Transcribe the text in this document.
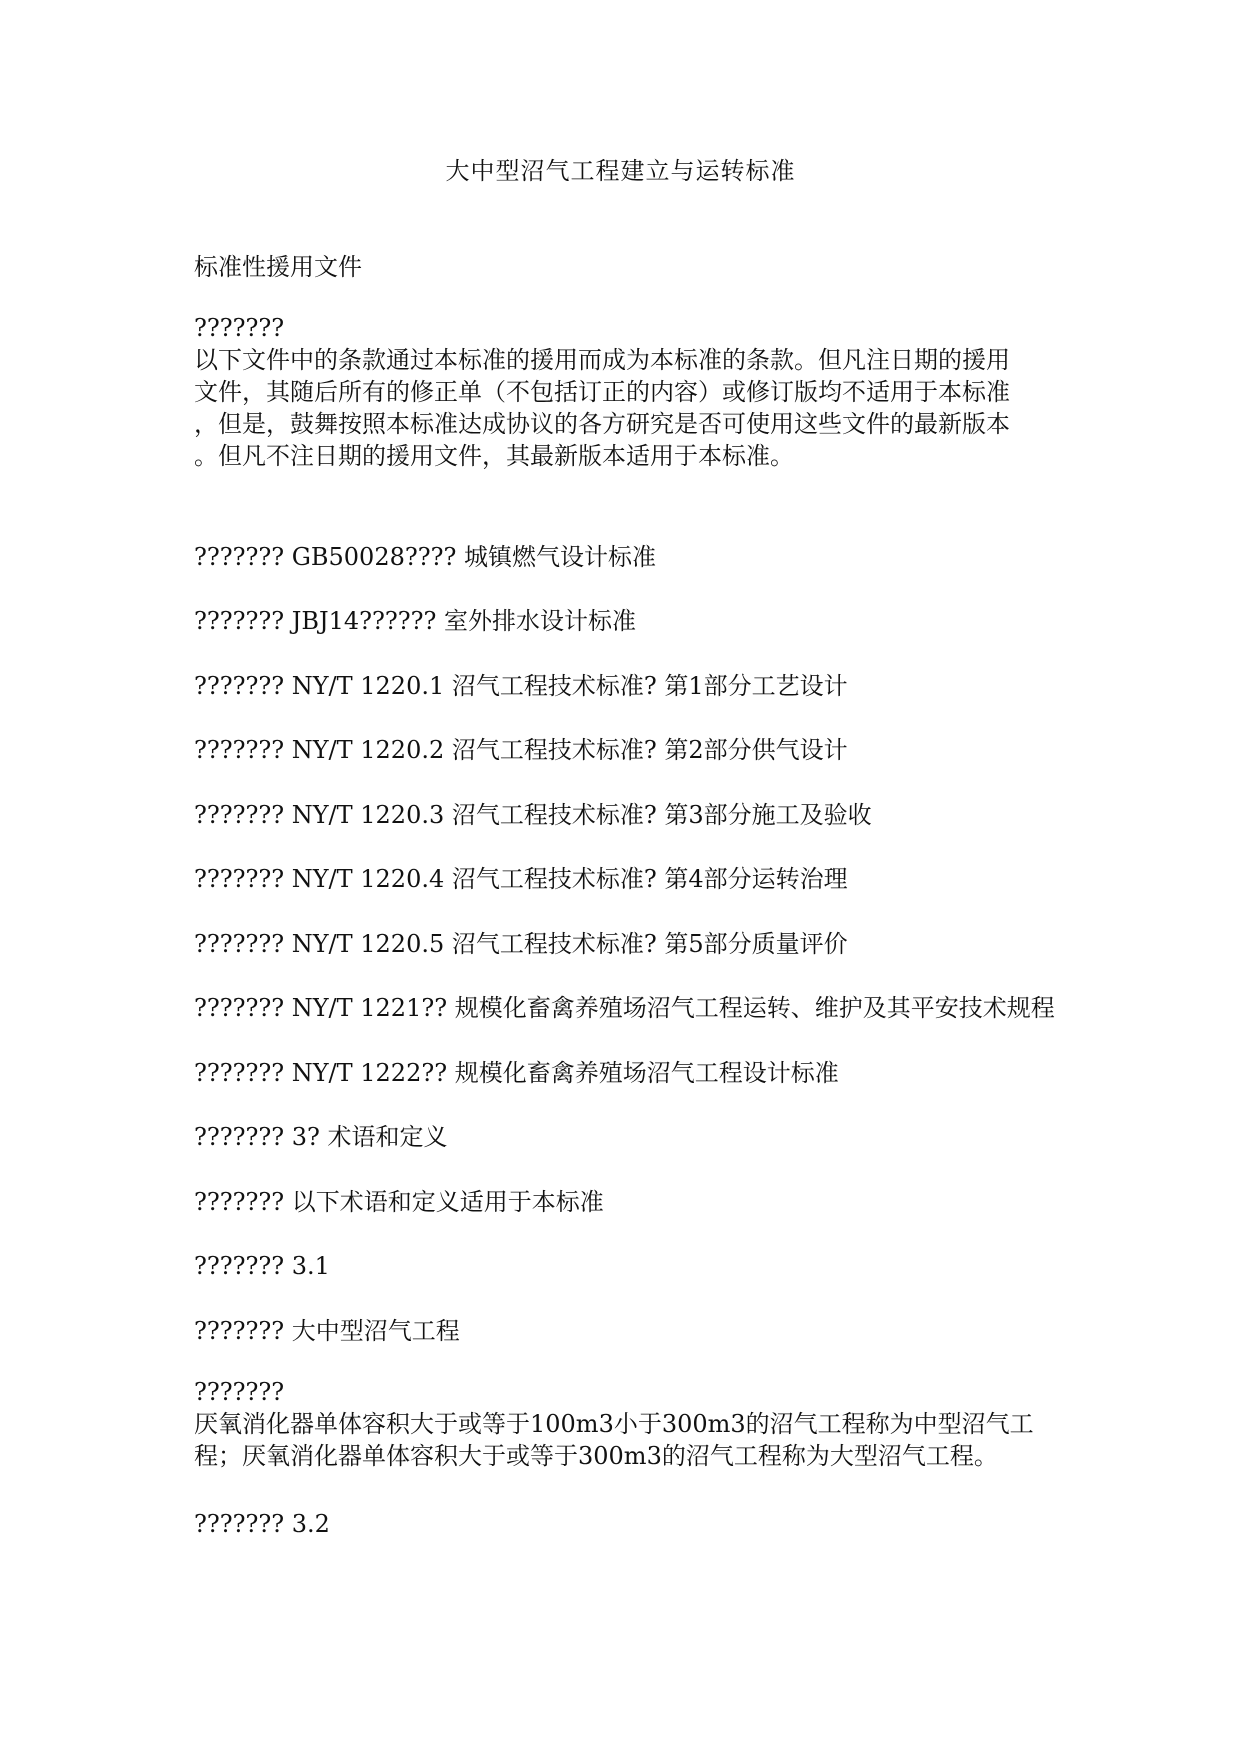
大中型沼气工程建立与运转标准
标准性援用文件
???????
以下文件中的条款通过本标准的援用而成为本标准的条款。但凡注日期的援用
文件，其随后所有的修正单（不包括订正的内容）或修订版均不适用于本标准
，但是，鼓舞按照本标准达成协议的各方研究是否可使用这些文件的最新版本
。但凡不注日期的援用文件，其最新版本适用于本标准。
??????? GB50028???? 城镇燃气设计标准
??????? JBJ14?????? 室外排水设计标准
??????? NY/T 1220.1 沼气工程技术标准? 第1部分工艺设计
??????? NY/T 1220.2 沼气工程技术标准? 第2部分供气设计
??????? NY/T 1220.3 沼气工程技术标准? 第3部分施工及验收
??????? NY/T 1220.4 沼气工程技术标准? 第4部分运转治理
??????? NY/T 1220.5 沼气工程技术标准? 第5部分质量评价
??????? NY/T 1221?? 规模化畜禽养殖场沼气工程运转、维护及其平安技术规程
??????? NY/T 1222?? 规模化畜禽养殖场沼气工程设计标准
??????? 3? 术语和定义
??????? 以下术语和定义适用于本标准
??????? 3.1
??????? 大中型沼气工程
???????
厌氧消化器单体容积大于或等于100m3小于300m3的沼气工程称为中型沼气工
程；厌氧消化器单体容积大于或等于300m3的沼气工程称为大型沼气工程。
??????? 3.2
